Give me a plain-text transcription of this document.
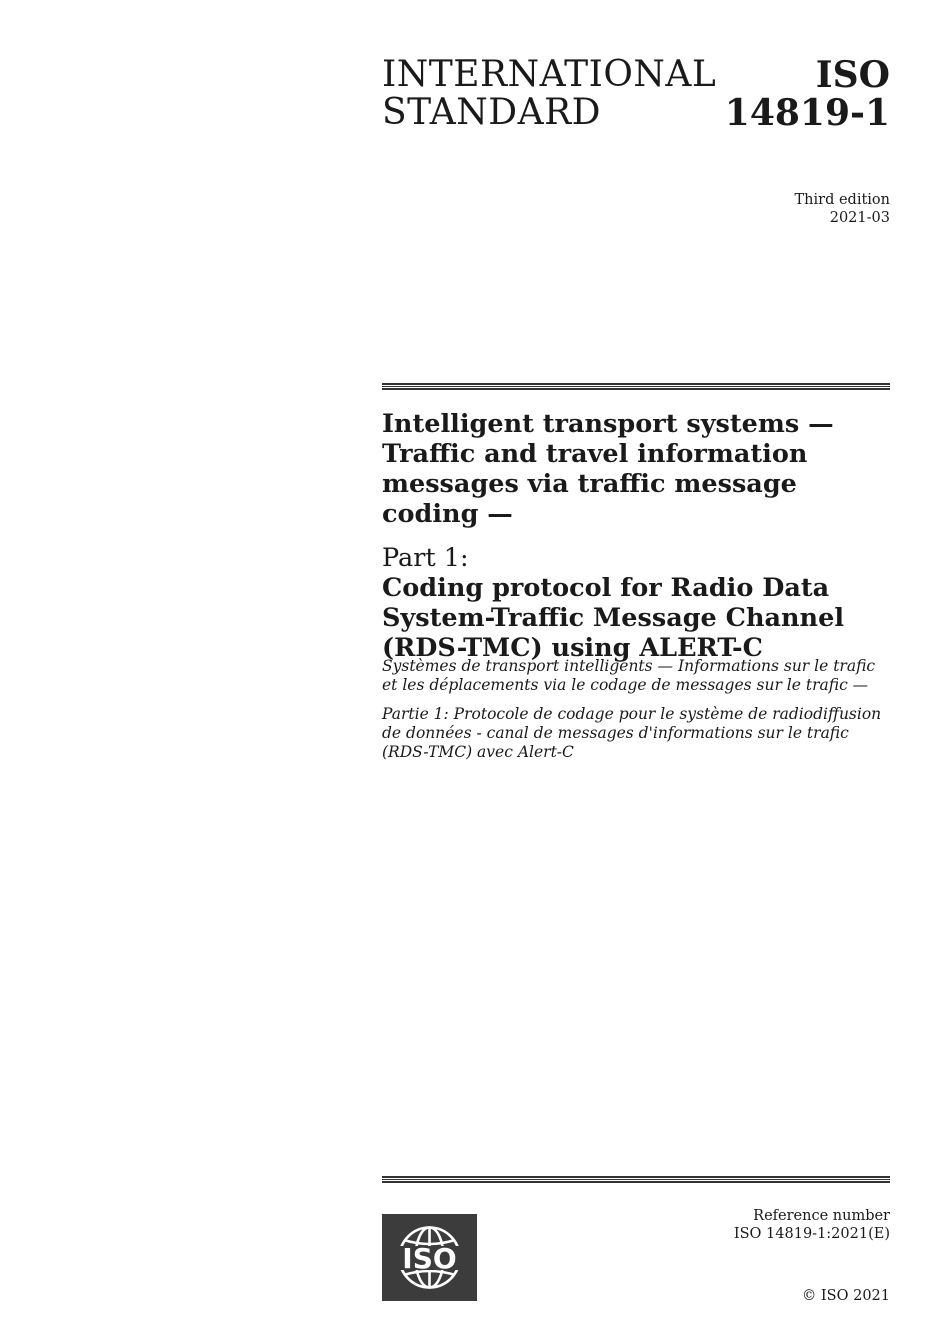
INTERNATIONAL
STANDARD
ISO
14819-1
Third edition
2021-03

Intelligent transport systems — Traffic and travel information messages via traffic message coding —

Part 1:

Coding protocol for Radio Data System-Traffic Message Channel (RDS-TMC) using ALERT-C

Systèmes de transport intelligents — Informations sur le trafic et les déplacements via le codage de messages sur le trafic —

Partie 1: Protocole de codage pour le système de radiodiffusion de données - canal de messages d'informations sur le trafic (RDS-TMC) avec Alert-C

ISO
Reference number
ISO 14819-1:2021(E)
© ISO 2021
